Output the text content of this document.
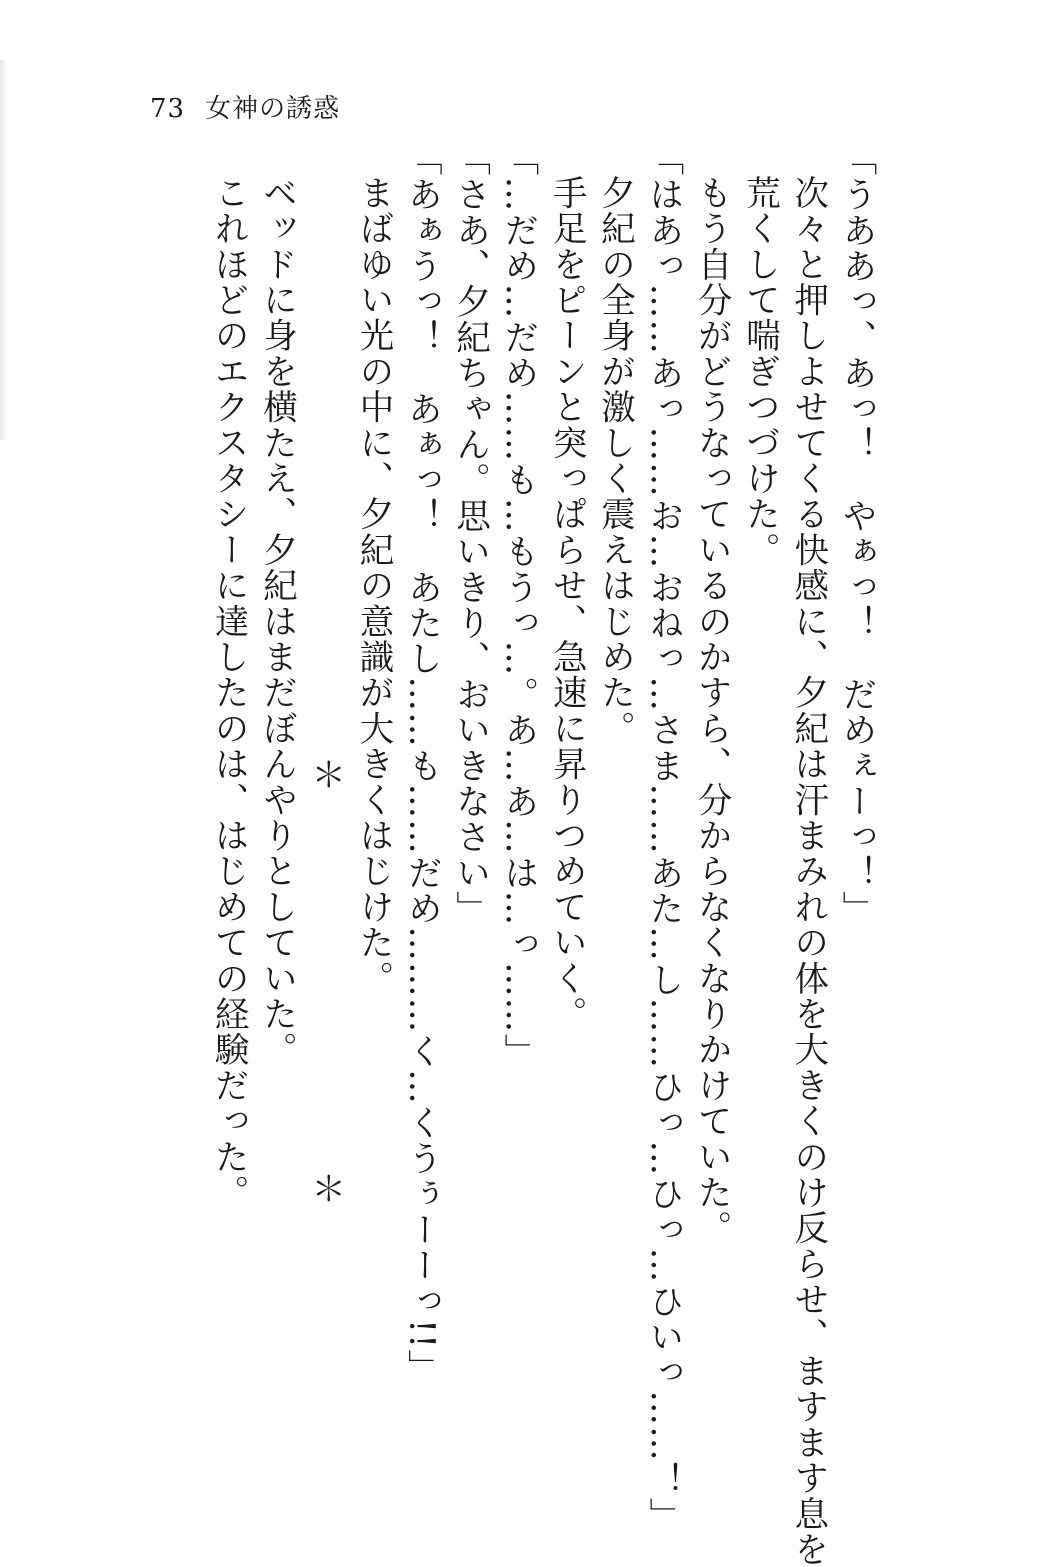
73 女神の誘惑
「うああっ、あっ！　やぁっ！　だめぇーっ！」
次々と押しよせてくる快感に、夕紀は汗まみれの体を大きくのけ反らせ、ますます息を
荒くして喘ぎつづけた。
もう自分がどうなっているのかすら、分からなくなりかけていた。
「はあっ……あっ……お…おねっ…さま……あた…し……ひっ…ひっ…ひいっ……！」
夕紀の全身が激しく震えはじめた。
手足をピーンと突っぱらせ、急速に昇りつめていく。
「…だめ…だめ……も…もうっ…。あ…あ…は…っ……」
「さあ、夕紀ちゃん。思いきり、おいきなさい」
「あぁうっ！　あぁっ！　あたし……も……だめ………く…くうぅーーっ!!」
まばゆい光の中に、夕紀の意識が大きくはじけた。
＊＊
ベッドに身を横たえ、夕紀はまだぼんやりとしていた。
これほどのエクスタシーに達したのは、はじめての経験だった。
